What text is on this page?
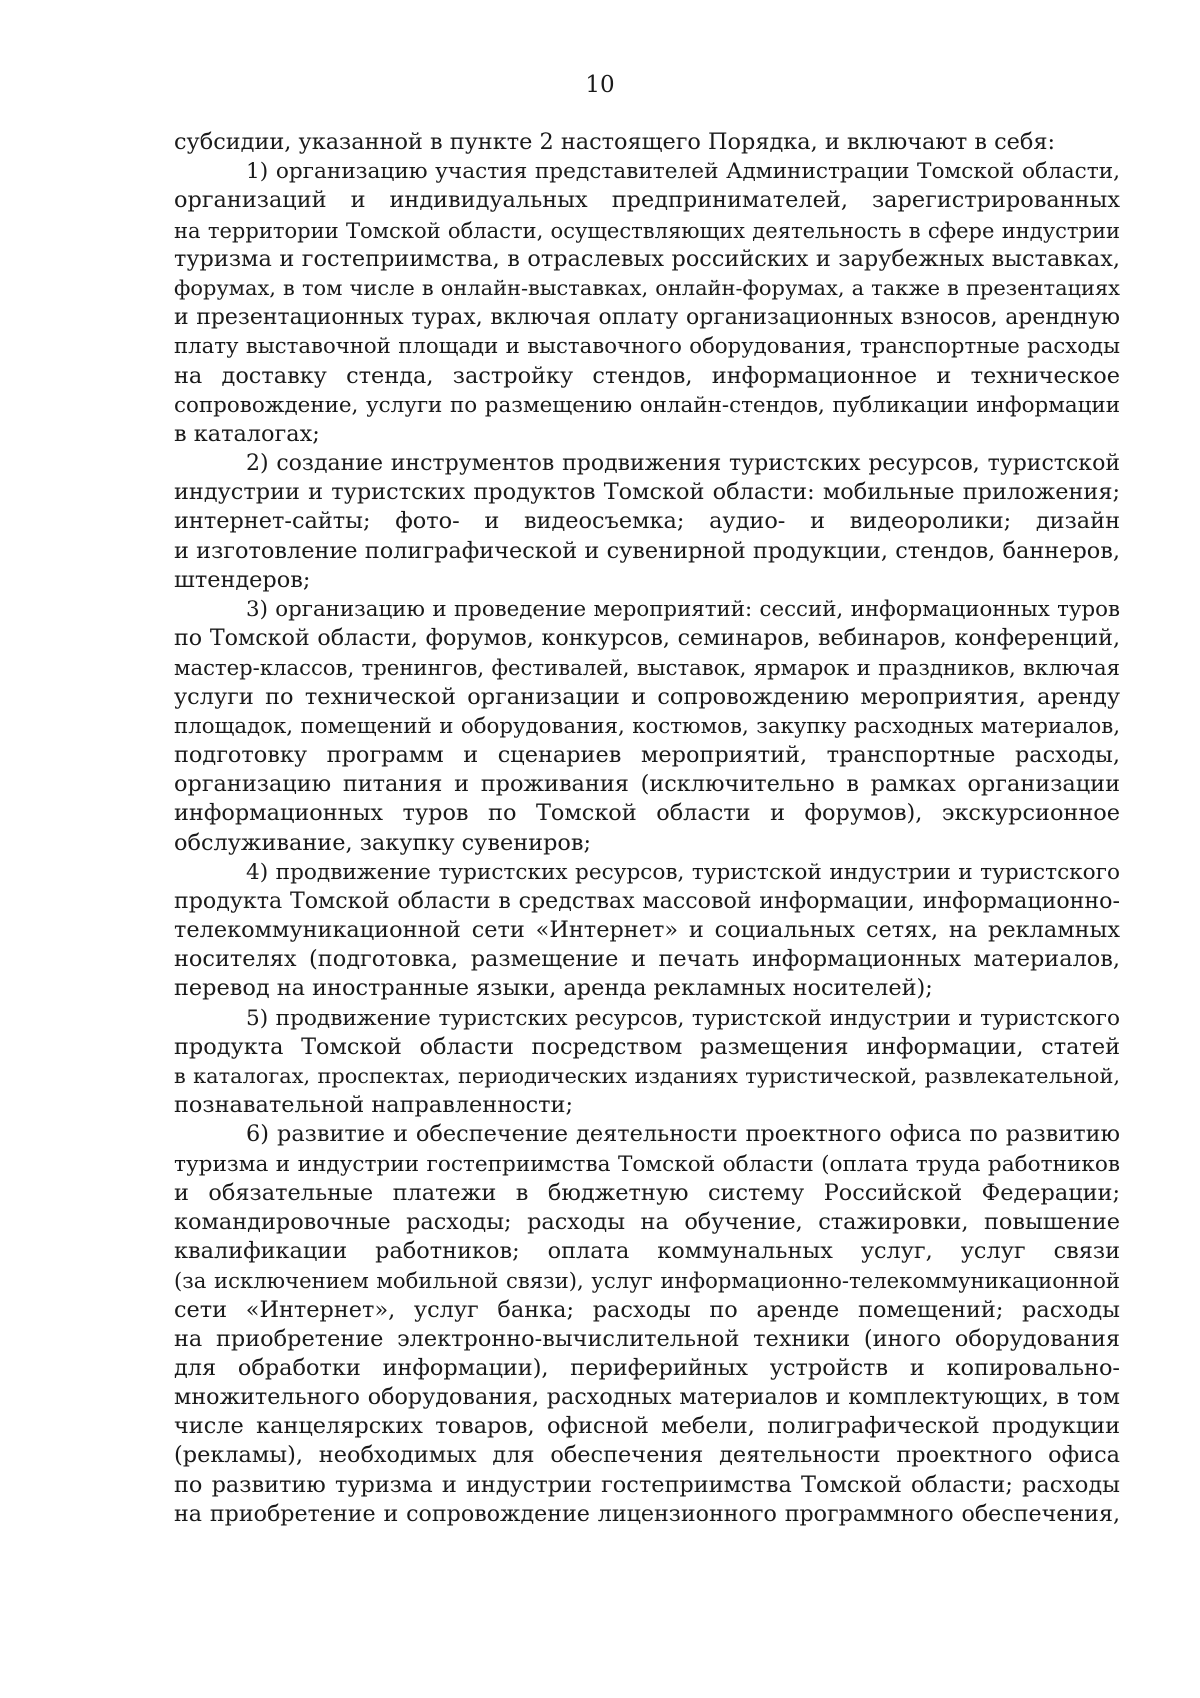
10
субсидии, указанной в пункте 2 настоящего Порядка, и включают в себя:
1) организацию участия представителей Администрации Томской области,
организаций и индивидуальных предпринимателей, зарегистрированных
на территории Томской области, осуществляющих деятельность в сфере индустрии
туризма и гостеприимства, в отраслевых российских и зарубежных выставках,
форумах, в том числе в онлайн-выставках, онлайн-форумах, а также в презентациях
и презентационных турах, включая оплату организационных взносов, арендную
плату выставочной площади и выставочного оборудования, транспортные расходы
на доставку стенда, застройку стендов, информационное и техническое
сопровождение, услуги по размещению онлайн-стендов, публикации информации
в каталогах;
2) создание инструментов продвижения туристских ресурсов, туристской
индустрии и туристских продуктов Томской области: мобильные приложения;
интернет-сайты; фото- и видеосъемка; аудио- и видеоролики; дизайн
и изготовление полиграфической и сувенирной продукции, стендов, баннеров,
штендеров;
3) организацию и проведение мероприятий: сессий, информационных туров
по Томской области, форумов, конкурсов, семинаров, вебинаров, конференций,
мастер-классов, тренингов, фестивалей, выставок, ярмарок и праздников, включая
услуги по технической организации и сопровождению мероприятия, аренду
площадок, помещений и оборудования, костюмов, закупку расходных материалов,
подготовку программ и сценариев мероприятий, транспортные расходы,
организацию питания и проживания (исключительно в рамках организации
информационных туров по Томской области и форумов), экскурсионное
обслуживание, закупку сувениров;
4) продвижение туристских ресурсов, туристской индустрии и туристского
продукта Томской области в средствах массовой информации, информационно-
телекоммуникационной сети «Интернет» и социальных сетях, на рекламных
носителях (подготовка, размещение и печать информационных материалов,
перевод на иностранные языки, аренда рекламных носителей);
5) продвижение туристских ресурсов, туристской индустрии и туристского
продукта Томской области посредством размещения информации, статей
в каталогах, проспектах, периодических изданиях туристической, развлекательной,
познавательной направленности;
6) развитие и обеспечение деятельности проектного офиса по развитию
туризма и индустрии гостеприимства Томской области (оплата труда работников
и обязательные платежи в бюджетную систему Российской Федерации;
командировочные расходы; расходы на обучение, стажировки, повышение
квалификации работников; оплата коммунальных услуг, услуг связи
(за исключением мобильной связи), услуг информационно-телекоммуникационной
сети «Интернет», услуг банка; расходы по аренде помещений; расходы
на приобретение электронно-вычислительной техники (иного оборудования
для обработки информации), периферийных устройств и копировально-
множительного оборудования, расходных материалов и комплектующих, в том
числе канцелярских товаров, офисной мебели, полиграфической продукции
(рекламы), необходимых для обеспечения деятельности проектного офиса
по развитию туризма и индустрии гостеприимства Томской области; расходы
на приобретение и сопровождение лицензионного программного обеспечения,
